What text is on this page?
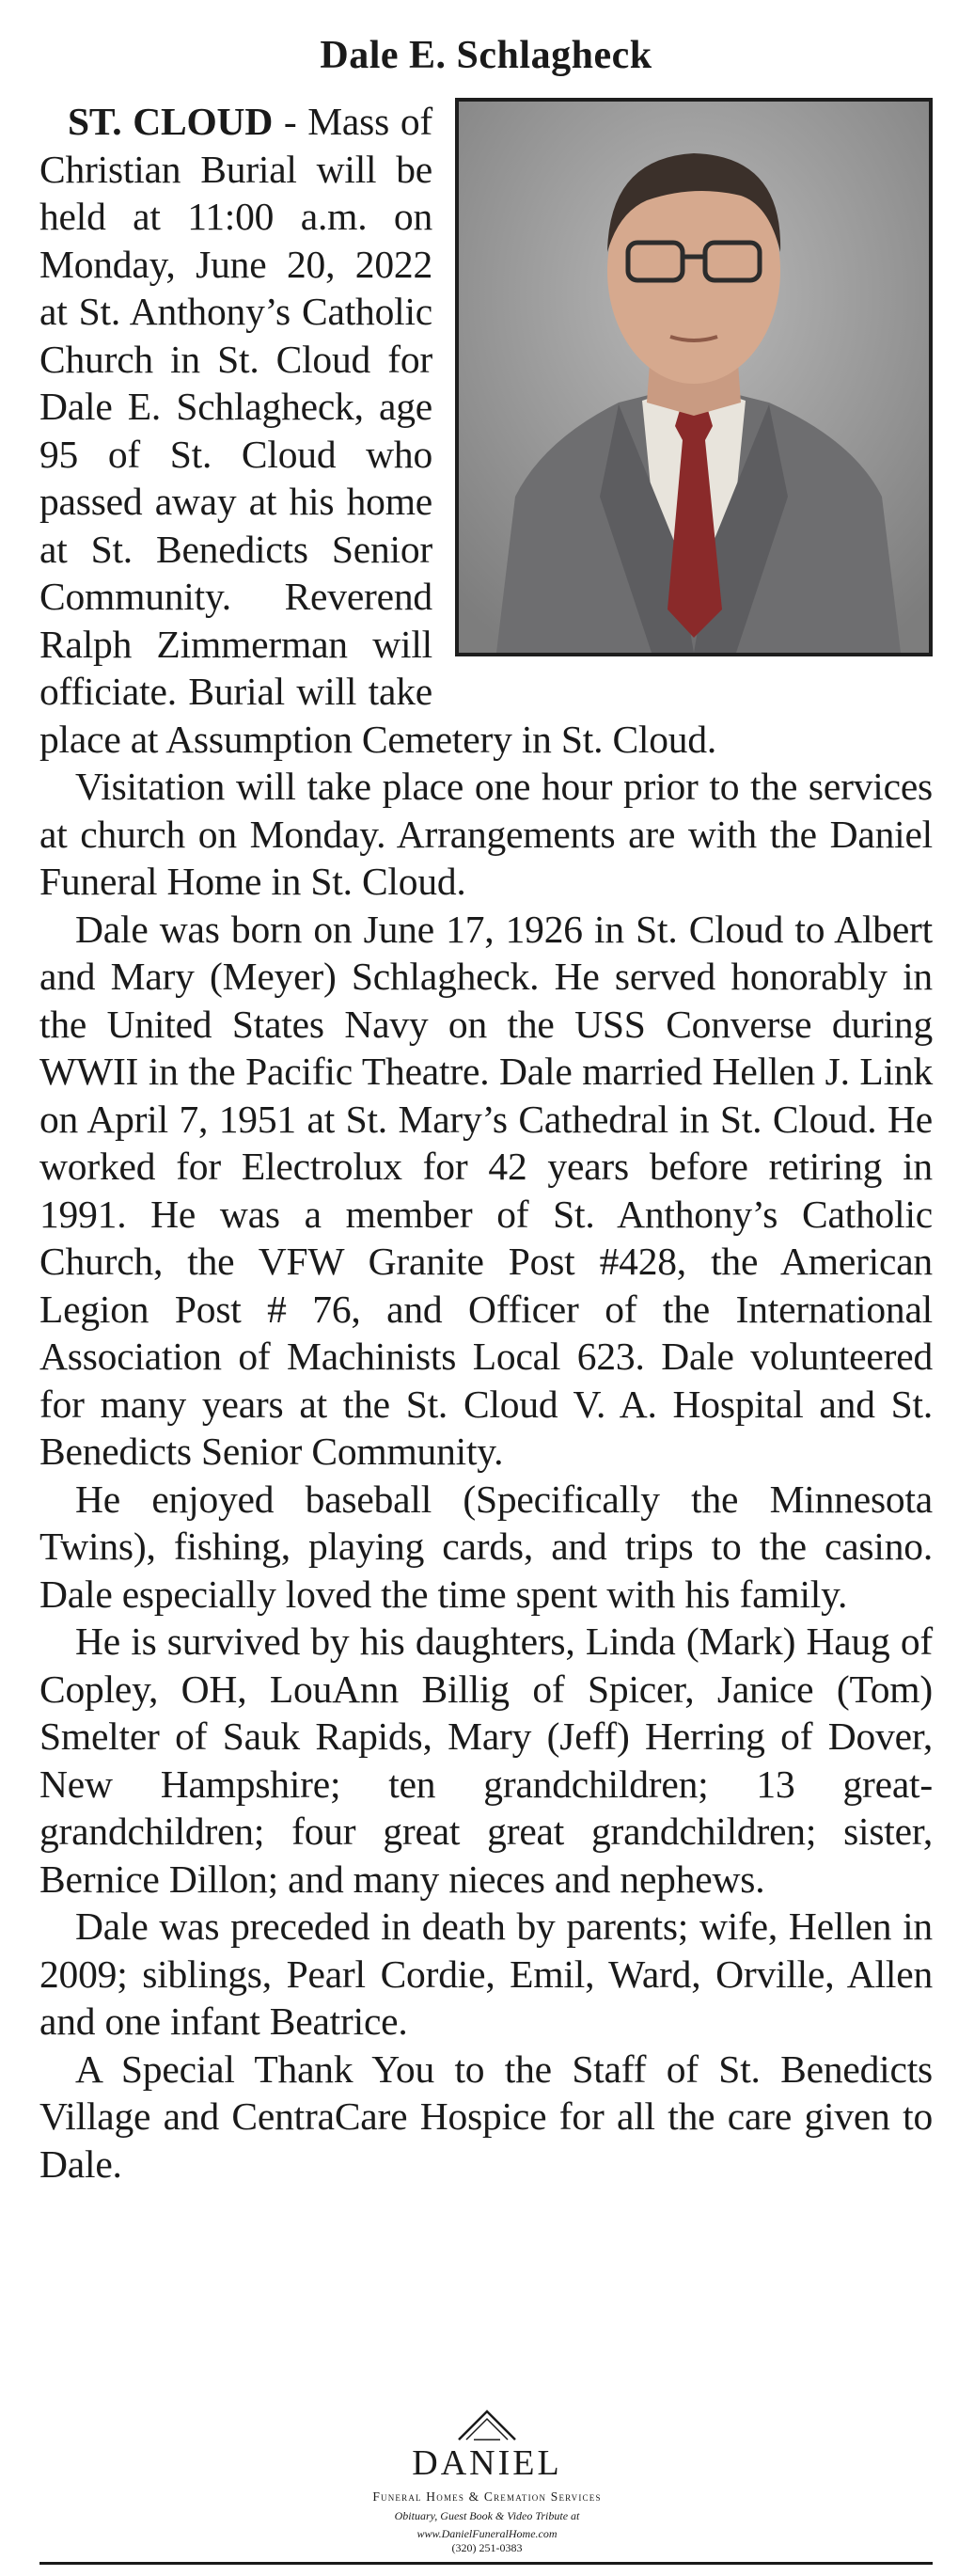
Dale E. Schlagheck

ST. CLOUD - Mass of Christian Burial will be held at 11:00 a.m. on Monday, June 20, 2022 at St. Anthony’s Catholic Church in St. Cloud for Dale E. Schlagheck, age 95 of St. Cloud who passed away at his home at St. Benedicts Senior Community. Reverend Ralph Zimmerman will officiate. Burial will take place at Assumption Cemetery in St. Cloud.

Visitation will take place one hour prior to the services at church on Monday. Arrangements are with the Daniel Funeral Home in St. Cloud.

Dale was born on June 17, 1926 in St. Cloud to Albert and Mary (Meyer) Schlagheck. He served honorably in the United States Navy on the USS Converse during WWII in the Pacific Theatre. Dale married Hellen J. Link on April 7, 1951 at St. Mary’s Cathedral in St. Cloud. He worked for Electrolux for 42 years before retiring in 1991. He was a member of St. Anthony’s Catholic Church, the VFW Granite Post #428, the American Legion Post # 76, and Officer of the International Association of Machinists Local 623. Dale volunteered for many years at the St. Cloud V. A. Hospital and St. Benedicts Senior Community.

He enjoyed baseball (Specifically the Minnesota Twins), fishing, playing cards, and trips to the casino. Dale especially loved the time spent with his family.

He is survived by his daughters, Linda (Mark) Haug of Copley, OH, LouAnn Billig of Spicer, Janice (Tom) Smelter of Sauk Rapids, Mary (Jeff) Herring of Dover, New Hampshire; ten grandchildren; 13 great-grandchildren; four great great grandchildren; sister, Bernice Dillon; and many nieces and nephews.

Dale was preceded in death by parents; wife, Hellen in 2009; siblings, Pearl Cordie, Emil, Ward, Orville, Allen and one infant Beatrice.

A Special Thank You to the Staff of St. Benedicts Village and CentraCare Hospice for all the care given to Dale.

DANIEL
Funeral Homes & Cremation Services
Obituary, Guest Book & Video Tribute at
www.DanielFuneralHome.com
(320) 251-0383
